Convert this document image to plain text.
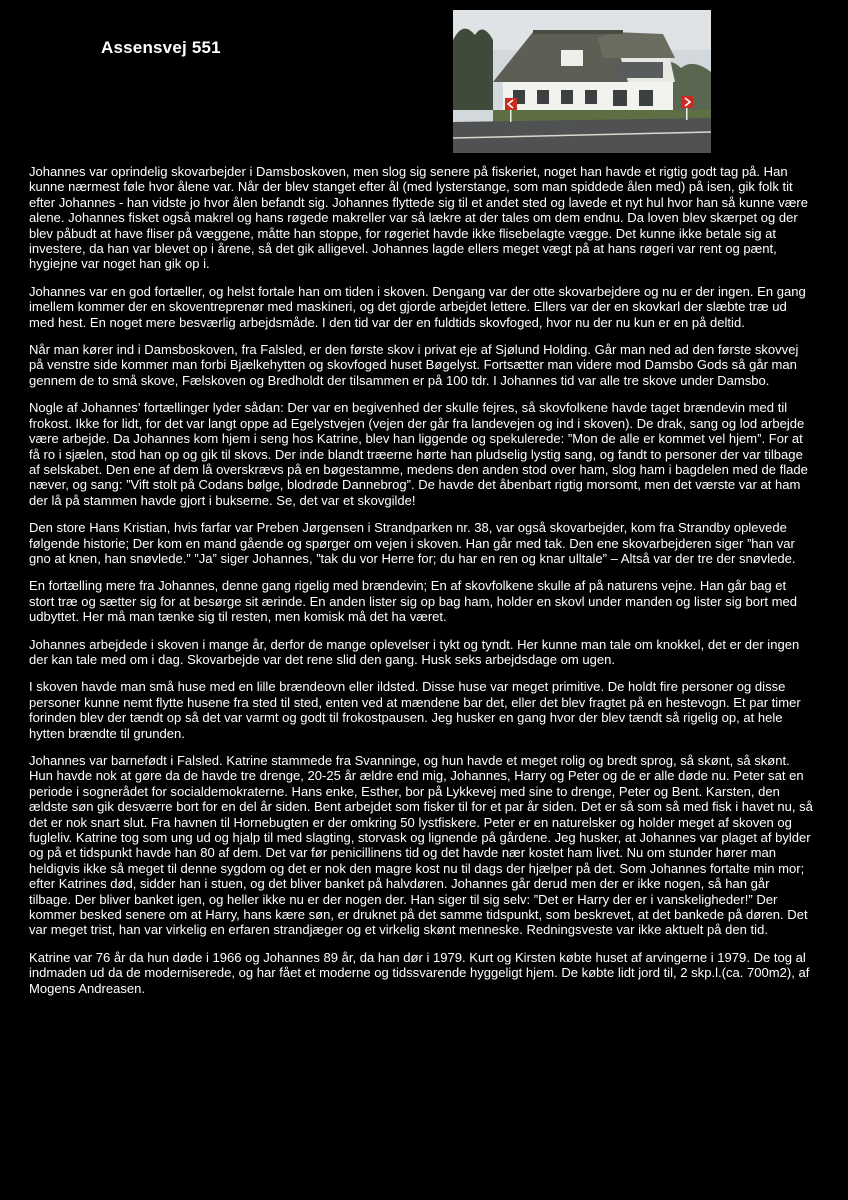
Assensvej 551

Johannes var oprindelig skovarbejder i Damsboskoven, men slog sig senere på fiskeriet, noget han havde et rigtig godt tag på. Han kunne nærmest føle hvor ålene var. Når der blev stanget efter ål (med lysterstange, som man spiddede ålen med) på isen, gik folk tit efter Johannes - han vidste jo hvor ålen befandt sig. Johannes flyttede sig til et andet sted og lavede et nyt hul hvor han så kunne være alene. Johannes fisket også makrel og hans røgede makreller var så lækre at der tales om dem endnu. Da loven blev skærpet og der blev påbudt at have fliser på væggene, måtte han stoppe, for røgeriet havde ikke flisebelagte vægge. Det kunne ikke betale sig at investere, da han var blevet op i årene, så det gik alligevel. Johannes lagde ellers meget vægt på at hans røgeri var rent og pænt, hygiejne var noget han gik op i.

Johannes var en god fortæller, og helst fortale han om tiden i skoven. Dengang var der otte skovarbejdere og nu er der ingen. En gang imellem kommer der en skoventreprenør med maskineri, og det gjorde arbejdet lettere. Ellers var der en skovkarl der slæbte træ ud med hest. En noget mere besværlig arbejdsmåde. I den tid var der en fuldtids skovfoged, hvor nu der nu kun er en på deltid.

Når man kører ind i Damsboskoven, fra Falsled, er den første skov i privat eje af Sjølund Holding. Går man ned ad den første skovvej på venstre side kommer man forbi Bjælkehytten og skovfoged huset Bøgelyst. Fortsætter man videre mod Damsbo Gods så går man gennem de to små skove, Fælskoven og Bredholdt der tilsammen er på 100 tdr. I Johannes tid var alle tre skove under Damsbo.

Nogle af Johannes’ fortællinger lyder sådan: Der var en begivenhed der skulle fejres, så skovfolkene havde taget brændevin med til frokost. Ikke for lidt, for det var langt oppe ad Egelystvejen (vejen der går fra landevejen og ind i skoven). De drak, sang og lod arbejde være arbejde. Da Johannes kom hjem i seng hos Katrine, blev han liggende og spekulerede: ”Mon de alle er kommet vel hjem”. For at få ro i sjælen, stod han op og gik til skovs. Der inde blandt træerne hørte han pludselig lystig sang, og fandt to personer der var tilbage af selskabet. Den ene af dem lå overskrævs på en bøgestamme, medens den anden stod over ham, slog ham i bagdelen med de flade næver, og sang: ”Vift stolt på Codans bølge, blodrøde Dannebrog”. De havde det åbenbart rigtig morsomt, men det værste var at ham der lå på stammen havde gjort i bukserne. Se, det var et skovgilde!

Den store Hans Kristian, hvis farfar var Preben Jørgensen i Strandparken nr. 38, var også skovarbejder, kom fra Strandby oplevede følgende historie; Der kom en mand gående og spørger om vejen i skoven. Han går med tak. Den ene skovarbejderen siger ”han var gno at knen, han snøvlede.” ”Ja” siger Johannes, ”tak du vor Herre for; du har en ren og knar ulltale” – Altså var der tre der snøvlede.

En fortælling mere fra Johannes, denne gang rigelig med brændevin; En af skovfolkene skulle af på naturens vejne. Han går bag et stort træ og sætter sig for at besørge sit ærinde. En anden lister sig op bag ham, holder en skovl under manden og lister sig bort med udbyttet. Her må man tænke sig til resten, men komisk må det ha været.

Johannes arbejdede i skoven i mange år, derfor de mange oplevelser i tykt og tyndt. Her kunne man tale om knokkel, det er der ingen der kan tale med om i dag. Skovarbejde var det rene slid den gang. Husk seks arbejdsdage om ugen.

I skoven havde man små huse med en lille brændeovn eller ildsted. Disse huse var meget primitive. De holdt fire personer og disse personer kunne nemt flytte husene fra sted til sted, enten ved at mændene bar det, eller det blev fragtet på en hestevogn. Et par timer forinden blev der tændt op så det var varmt og godt til frokostpausen. Jeg husker en gang hvor der blev tændt så rigelig op, at hele hytten brændte til grunden.

Johannes var barnefødt i Falsled. Katrine stammede fra Svanninge, og hun havde et meget rolig og bredt sprog, så skønt, så skønt. Hun havde nok at gøre da de havde tre drenge, 20-25 år ældre end mig, Johannes, Harry og Peter og de er alle døde nu. Peter sat en periode i sognerådet for socialdemokraterne. Hans enke, Esther, bor på Lykkevej med sine to drenge, Peter og Bent. Karsten, den ældste søn gik desværre bort for en del år siden. Bent arbejdet som fisker til for et par år siden. Det er så som så med fisk i havet nu, så det er nok snart slut. Fra havnen til Hornebugten er der omkring 50 lystfiskere. Peter er en naturelsker og holder meget af skoven og fugleliv. Katrine tog som ung ud og hjalp til med slagting, storvask og lignende på gårdene. Jeg husker, at Johannes var plaget af bylder og på et tidspunkt havde han 80 af dem. Det var før penicillinens tid og det havde nær kostet ham livet. Nu om stunder hører man heldigvis ikke så meget til denne sygdom og det er nok den magre kost nu til dags der hjælper på det. Som Johannes fortalte min mor; efter Katrines død, sidder han i stuen, og det bliver banket på halvdøren. Johannes går derud men der er ikke nogen, så han går tilbage. Der bliver banket igen, og heller ikke nu er der nogen der. Han siger til sig selv: ”Det er Harry der er i vanskeligheder!” Der kommer besked senere om at Harry, hans kære søn, er druknet på det samme tidspunkt, som beskrevet, at det bankede på døren. Det var meget trist, han var virkelig en erfaren strandjæger og et virkelig skønt menneske. Redningsveste var ikke aktuelt på den tid.

Katrine var 76 år da hun døde i 1966 og Johannes 89 år, da han dør i 1979. Kurt og Kirsten købte huset af arvingerne i 1979. De tog al indmaden ud da de moderniserede, og har fået et moderne og tidssvarende hyggeligt hjem. De købte lidt jord til, 2 skp.l.(ca. 700m2), af Mogens Andreasen.
